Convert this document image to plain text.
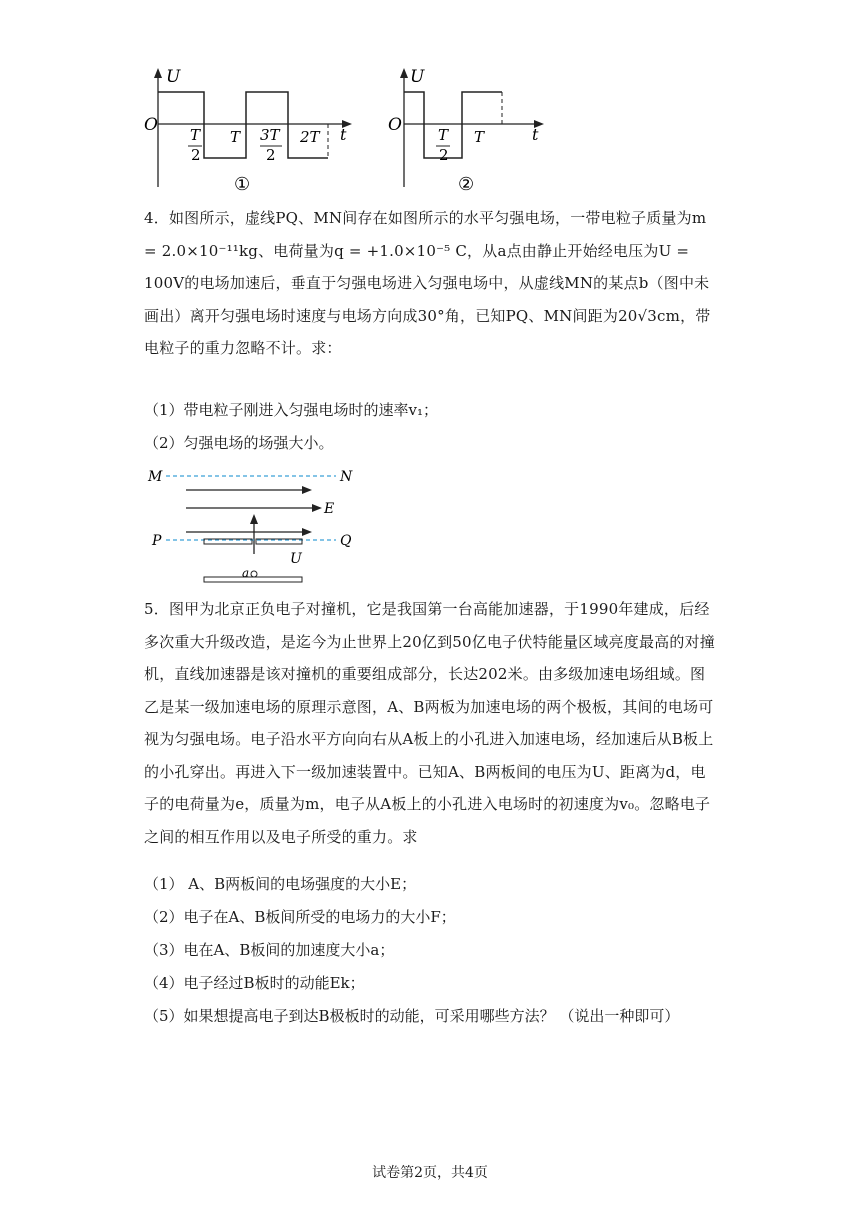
U
O	t
T
2
T 3T
2
2T
①
U
O	t
T
2
T
②
4．如图所示，虚线PQ、MN间存在如图所示的水平匀强电场，一带电粒子质量为m = 2.0×10⁻¹¹kg、电荷量为q = +1.0×10⁻⁵ C，从a点由静止开始经电压为U = 100V的电场加速后，垂直于匀强电场进入匀强电场中，从虚线MN的某点b（图中未画出）离开匀强电场时速度与电场方向成30°角，已知PQ、MN间距为20√3cm，带电粒子的重力忽略不计。求：
（1）带电粒子刚进入匀强电场时的速率v₁；
（2）匀强电场的场强大小。
M	N
E
P	Q
U
a
5．图甲为北京正负电子对撞机，它是我国第一台高能加速器，于1990年建成，后经多次重大升级改造，是迄今为止世界上20亿到50亿电子伏特能量区域亮度最高的对撞机，直线加速器是该对撞机的重要组成部分，长达202米。由多级加速电场组域。图乙是某一级加速电场的原理示意图，A、B两板为加速电场的两个极板，其间的电场可视为匀强电场。电子沿水平方向向右从A板上的小孔进入加速电场，经加速后从B板上的小孔穿出。再进入下一级加速装置中。已知A、B两板间的电压为U、距离为d，电子的电荷量为e，质量为m，电子从A板上的小孔进入电场时的初速度为v₀。忽略电子之间的相互作用以及电子所受的重力。求
（1） A、B两板间的电场强度的大小E；
（2）电子在A、B板间所受的电场力的大小F；
（3）电在A、B板间的加速度大小a；
（4）电子经过B板时的动能Ek；
（5）如果想提高电子到达B极板时的动能，可采用哪些方法？ （说出一种即可）
试卷第2页，共4页
